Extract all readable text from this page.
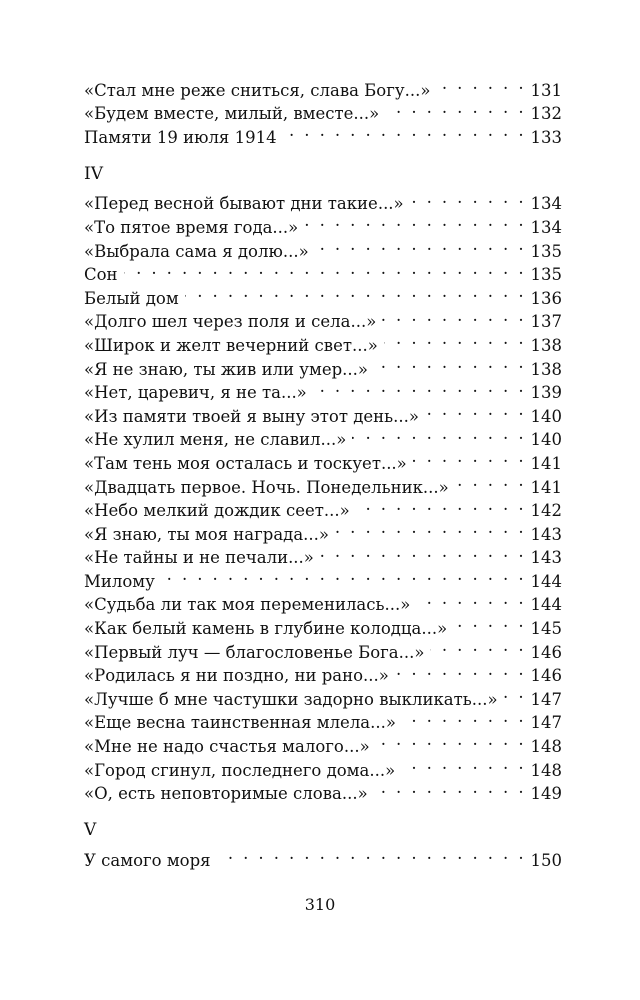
«Стал мне реже сниться, слава Богу...» . . .	131
«Будем вместе, милый, вместе...» . . .	132
Памяти 19 июля 1914 . . .	133
IV
«Перед весной бывают дни такие...» . . .	134
«То пятое время года...» . . .	134
«Выбрала сама я долю...» . . .	135
Сон . . .	135
Белый дом . . .	136
«Долго шел через поля и села...» . . .	137
«Широк и желт вечерний свет...» . . .	138
«Я не знаю, ты жив или умер...» . . .	138
«Нет, царевич, я не та...» . . .	139
«Из памяти твоей я выну этот день...» . . .	140
«Не хулил меня, не славил...» . . .	140
«Там тень моя осталась и тоскует...» . . .	141
«Двадцать первое. Ночь. Понедельник...» . . .	141
«Небо мелкий дождик сеет...» . . .	142
«Я знаю, ты моя награда...» . . .	143
«Не тайны и не печали...» . . .	143
Милому . . .	144
«Судьба ли так моя переменилась...» . . .	144
«Как белый камень в глубине колодца...» . . .	145
«Первый луч — благословенье Бога...» . . .	146
«Родилась я ни поздно, ни рано...» . . .	146
«Лучше б мне частушки задорно выкликать...» . . .	147
«Еще весна таинственная млела...» . . .	147
«Мне не надо счастья малого...» . . .	148
«Город сгинул, последнего дома...» . . .	148
«О, есть неповторимые слова...» . . .	149
V
У самого моря . . .	150
310
